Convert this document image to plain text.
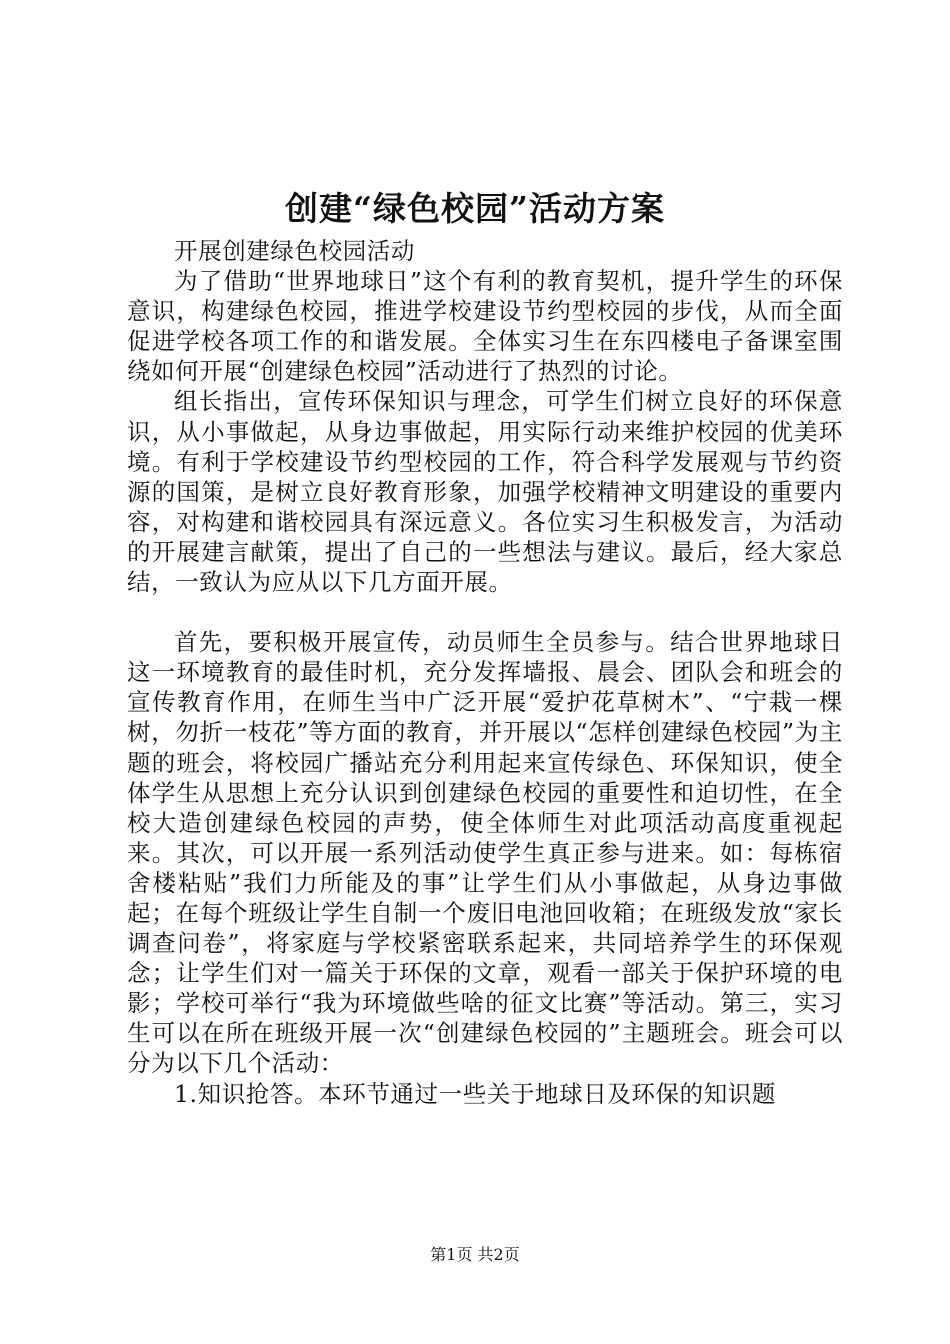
创建“绿色校园”活动方案

开展创建绿色校园活动

为了借助“世界地球日”这个有利的教育契机，提升学生的环保意识，构建绿色校园，推进学校建设节约型校园的步伐，从而全面促进学校各项工作的和谐发展。全体实习生在东四楼电子备课室围绕如何开展“创建绿色校园”活动进行了热烈的讨论。

组长指出，宣传环保知识与理念，可学生们树立良好的环保意识，从小事做起，从身边事做起，用实际行动来维护校园的优美环境。有利于学校建设节约型校园的工作，符合科学发展观与节约资源的国策，是树立良好教育形象，加强学校精神文明建设的重要内容，对构建和谐校园具有深远意义。各位实习生积极发言，为活动的开展建言献策，提出了自己的一些想法与建议。最后，经大家总结，一致认为应从以下几方面开展。

首先，要积极开展宣传，动员师生全员参与。结合世界地球日这一环境教育的最佳时机，充分发挥墙报、晨会、团队会和班会的宣传教育作用，在师生当中广泛开展“爱护花草树木”、“宁栽一棵树，勿折一枝花”等方面的教育，并开展以“怎样创建绿色校园”为主题的班会，将校园广播站充分利用起来宣传绿色、环保知识，使全体学生从思想上充分认识到创建绿色校园的重要性和迫切性，在全校大造创建绿色校园的声势，使全体师生对此项活动高度重视起来。其次，可以开展一系列活动使学生真正参与进来。如：每栋宿舍楼粘贴”我们力所能及的事”让学生们从小事做起，从身边事做起；在每个班级让学生自制一个废旧电池回收箱；在班级发放“家长调查问卷”，将家庭与学校紧密联系起来，共同培养学生的环保观念；让学生们对一篇关于环保的文章，观看一部关于保护环境的电影；学校可举行“我为环境做些啥的征文比赛”等活动。第三，实习生可以在所在班级开展一次“创建绿色校园的”主题班会。班会可以分为以下几个活动：

1.知识抢答。本环节通过一些关于地球日及环保的知识题

第1页 共2页
